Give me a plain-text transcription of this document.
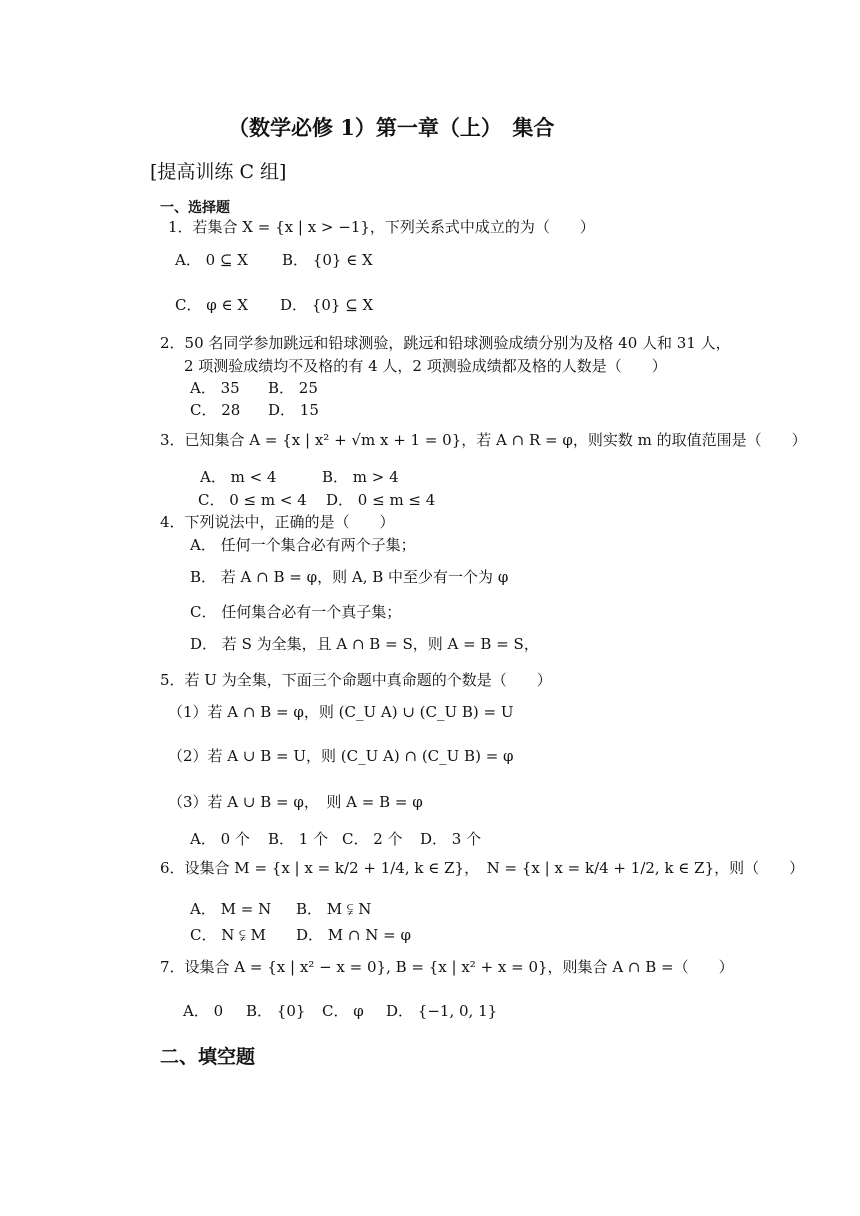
（数学必修 1）第一章（上）　集合
[提高训练 C 组]
一、选择题
1．若集合 X = {x | x > −1}，下列关系式中成立的为（　　）
A． 0 ⊆ X B． {0} ∈ X
C． φ ∈ X D． {0} ⊆ X
2．50 名同学参加跳远和铅球测验，跳远和铅球测验成绩分别为及格 40 人和 31 人，
2 项测验成绩均不及格的有 4 人，2 项测验成绩都及格的人数是（　　）
A． 35 B． 25
C． 28 D． 15
3．已知集合 A = {x | x² + √m x + 1 = 0}，若 A ∩ R = φ，则实数 m 的取值范围是（　　）
A． m < 4	B． m > 4
C． 0 ≤ m < 4 D． 0 ≤ m ≤ 4
4．下列说法中，正确的是（　　）
A． 任何一个集合必有两个子集；
B． 若 A ∩ B = φ，则 A, B 中至少有一个为 φ
C． 任何集合必有一个真子集；
D． 若 S 为全集，且 A ∩ B = S，则 A = B = S，
5．若 U 为全集，下面三个命题中真命题的个数是（　　）
（1）若 A ∩ B = φ，则 (C_U A) ∪ (C_U B) = U
（2）若 A ∪ B = U，则 (C_U A) ∩ (C_U B) = φ
（3）若 A ∪ B = φ，　则 A = B = φ
A． 0 个 B． 1 个 C． 2 个 D． 3 个
6．设集合 M = {x | x = k/2 + 1/4, k ∈ Z}，　N = {x | x = k/4 + 1/2, k ∈ Z}，则（　　）
A． M = N B． M ⫋ N
C． N ⫋ M D． M ∩ N = φ
7．设集合 A = {x | x² − x = 0}, B = {x | x² + x = 0}，则集合 A ∩ B =（　　）
A． 0 B． {0} C． φ D． {−1, 0, 1}
二、填空题
